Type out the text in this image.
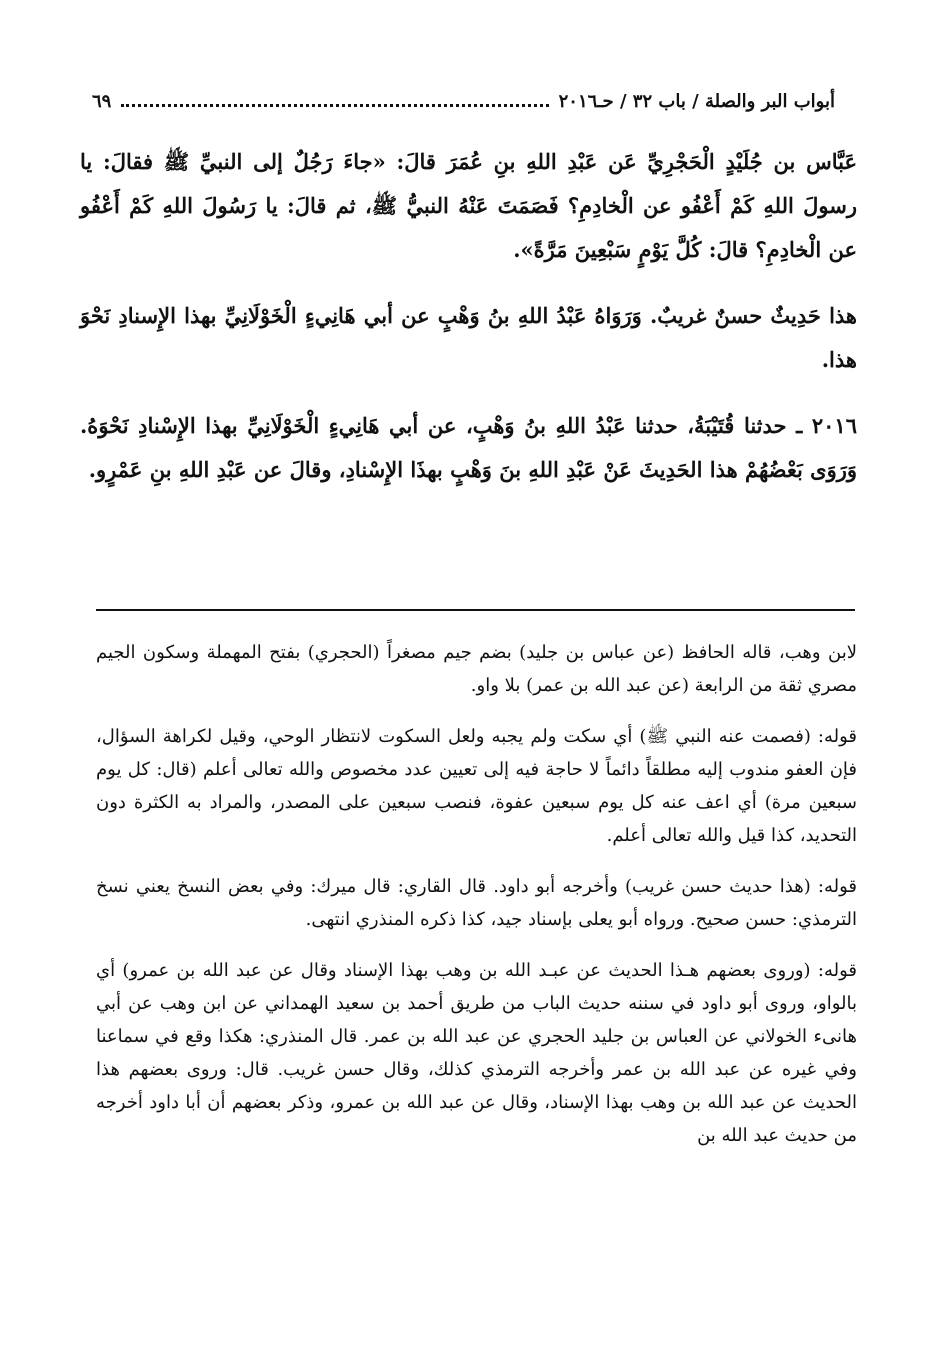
أبواب البر والصلة / باب ٣٢ / حـ٢٠١٦
٦٩

عَبَّاس بن جُلَيْدٍ الْحَجْرِيِّ عَن عَبْدِ اللهِ بنِ عُمَرَ قالَ: «جاءَ رَجُلٌ إلى النبيِّ ﷺ فقالَ: يا رسولَ اللهِ كَمْ أَعْفُو عن الْخادِمِ؟ فَصَمَتَ عَنْهُ النبيُّ ﷺ، ثم قالَ: يا رَسُولَ اللهِ كَمْ أَعْفُو عن الْخادِمِ؟ قالَ: كُلَّ يَوْمٍ سَبْعِينَ مَرَّةً».

هذا حَدِيثٌ حسنٌ غريبٌ. وَرَوَاهُ عَبْدُ اللهِ بنُ وَهْبٍ عن أبي هَانِيءٍ الْخَوْلَانِيِّ بهذا الإِسنادِ نَحْوَ هذا.

٢٠١٦ ـ حدثنا قُتَيْبَةُ، حدثنا عَبْدُ اللهِ بنُ وَهْبٍ، عن أبي هَانِيءٍ الْخَوْلَانِيِّ بهذا الإِسْنادِ نَحْوَهُ. وَرَوَى بَعْضُهُمْ هذا الحَدِيثَ عَنْ عَبْدِ اللهِ بنَ وَهْبٍ بهذَا الإِسْنادِ، وقالَ عن عَبْدِ اللهِ بنِ عَمْرٍو.

لابن وهب، قاله الحافظ (عن عباس بن جليد) بضم جيم مصغراً (الحجري) بفتح المهملة وسكون الجيم مصري ثقة من الرابعة (عن عبد الله بن عمر) بلا واو.

قوله: (فصمت عنه النبي ﷺ) أي سكت ولم يجبه ولعل السكوت لانتظار الوحي، وقيل لكراهة السؤال، فإن العفو مندوب إليه مطلقاً دائماً لا حاجة فيه إلى تعيين عدد مخصوص والله تعالى أعلم (قال: كل يوم سبعين مرة) أي اعف عنه كل يوم سبعين عفوة، فنصب سبعين على المصدر، والمراد به الكثرة دون التحديد، كذا قيل والله تعالى أعلم.

قوله: (هذا حديث حسن غريب) وأخرجه أبو داود. قال القاري: قال ميرك: وفي بعض النسخ يعني نسخ الترمذي: حسن صحيح. ورواه أبو يعلى بإسناد جيد، كذا ذكره المنذري انتهى.

قوله: (وروى بعضهم هـذا الحديث عن عبـد الله بن وهب بهذا الإسناد وقال عن عبد الله بن عمرو) أي بالواو، وروى أبو داود في سننه حديث الباب من طريق أحمد بن سعيد الهمداني عن ابن وهب عن أبي هانىء الخولاني عن العباس بن جليد الحجري عن عبد الله بن عمر. قال المنذري: هكذا وقع في سماعنا وفي غيره عن عبد الله بن عمر وأخرجه الترمذي كذلك، وقال حسن غريب. قال: وروى بعضهم هذا الحديث عن عبد الله بن وهب بهذا الإسناد، وقال عن عبد الله بن عمرو، وذكر بعضهم أن أبا داود أخرجه من حديث عبد الله بن
